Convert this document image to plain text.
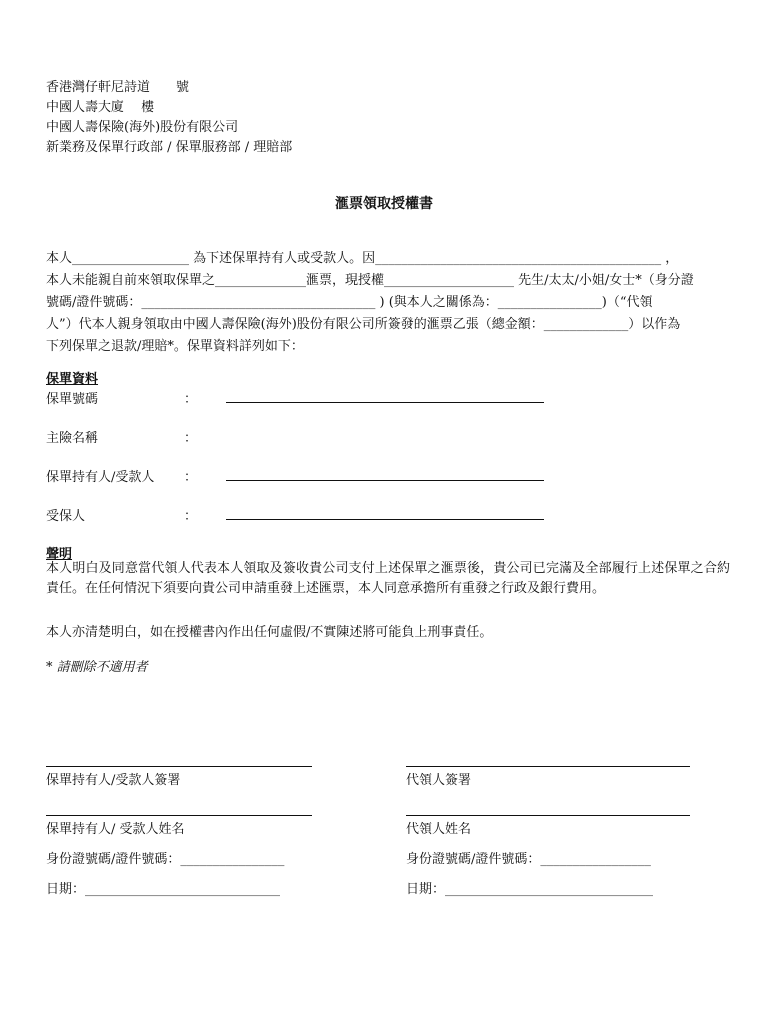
香港灣仔軒尼詩道　　號
中國人壽大廈　 樓
中國人壽保險(海外)股份有限公司
新業務及保單行政部 / 保單服務部 / 理賠部
滙票領取授權書
本人__________________ 為下述保單持有人或受款人。因____________________________________________ ，
本人未能親自前來領取保單之______________滙票，現授權____________________ 先生/太太/小姐/女士*（身分證
號碼/證件號碼：____________________________________ ) (與本人之關係為：________________)（“代領
人”）代本人親身領取由中國人壽保險(海外)股份有限公司所簽發的滙票乙張（總金額：_____________）以作為
下列保單之退款/理賠*。保單資料詳列如下：
保單資料
保單號碼	：
主險名稱	：
保單持有人/受款人 ：
受保人	：
聲明
本人明白及同意當代領人代表本人領取及簽收貴公司支付上述保單之滙票後，貴公司已完滿及全部履行上述保單之合約責任。在任何情況下須要向貴公司申請重發上述匯票，本人同意承擔所有重發之行政及銀行費用。
本人亦清楚明白，如在授權書內作出任何虛假/不實陳述將可能負上刑事責任。
* 請刪除不適用者
保單持有人/受款人簽署	代領人簽署
保單持有人/ 受款人姓名	代領人姓名
身份證號碼/證件號碼：________________	身份證號碼/證件號碼：_________________
日期：______________________________	日期：________________________________
